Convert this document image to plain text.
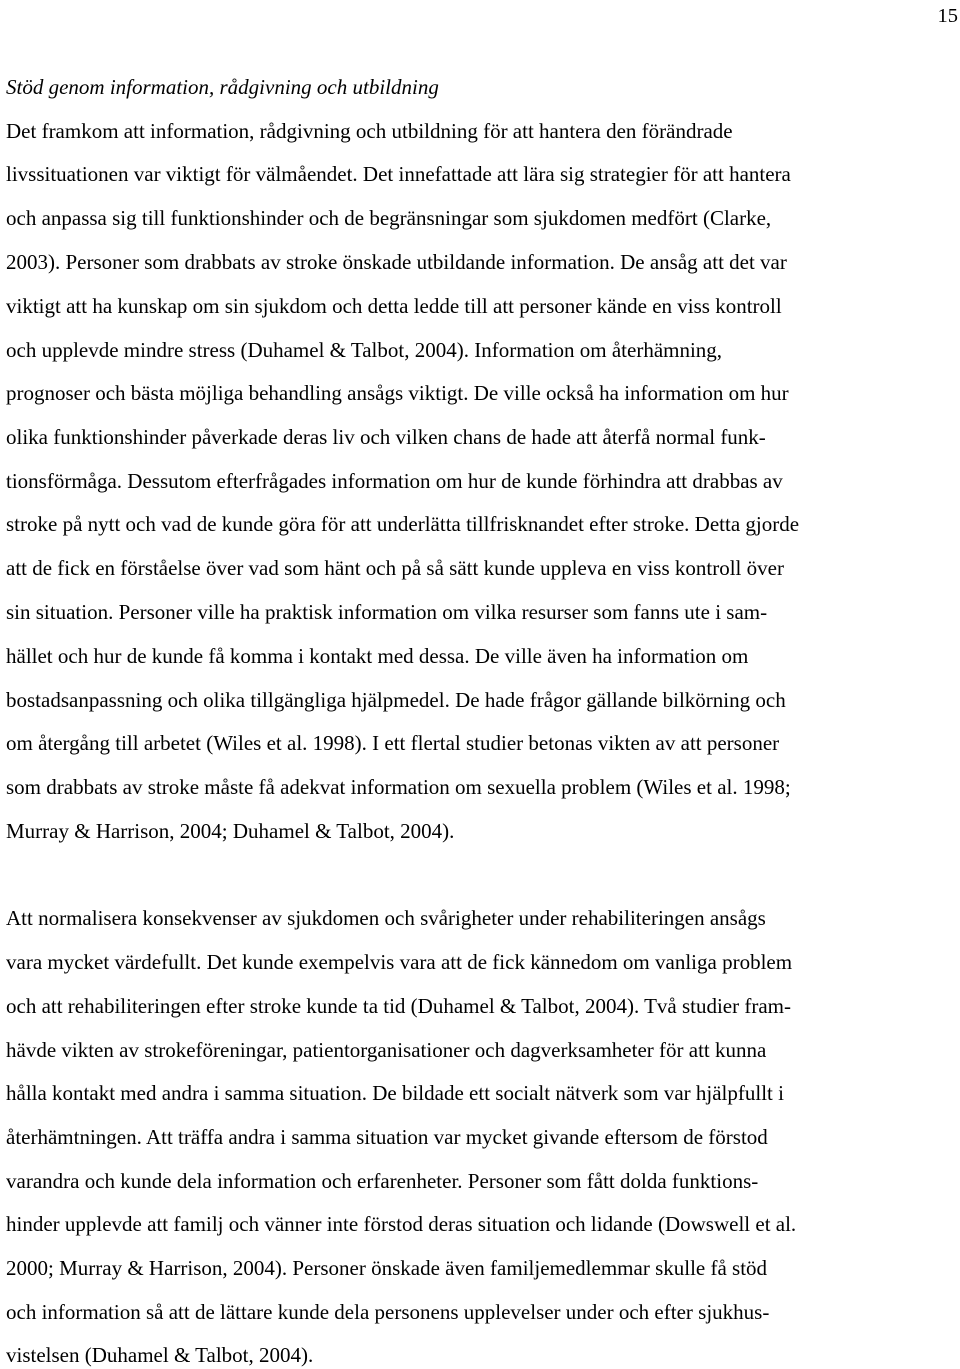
15
Stöd genom information, rådgivning och utbildning
Det framkom att information, rådgivning och utbildning för att hantera den förändrade
livssituationen var viktigt för välmåendet. Det innefattade att lära sig strategier för att hantera
och anpassa sig till funktionshinder och de begränsningar som sjukdomen medfört (Clarke,
2003). Personer som drabbats av stroke önskade utbildande information. De ansåg att det var
viktigt att ha kunskap om sin sjukdom och detta ledde till att personer kände en viss kontroll
och upplevde mindre stress (Duhamel & Talbot, 2004). Information om återhämning,
prognoser och bästa möjliga behandling ansågs viktigt. De ville också ha information om hur
olika funktionshinder påverkade deras liv och vilken chans de hade att återfå normal funk-
tionsförmåga. Dessutom efterfrågades information om hur de kunde förhindra att drabbas av
stroke på nytt och vad de kunde göra för att underlätta tillfrisknandet efter stroke. Detta gjorde
att de fick en förståelse över vad som hänt och på så sätt kunde uppleva en viss kontroll över
sin situation. Personer ville ha praktisk information om vilka resurser som fanns ute i sam-
hället och hur de kunde få komma i kontakt med dessa. De ville även ha information om
bostadsanpassning och olika tillgängliga hjälpmedel. De hade frågor gällande bilkörning och
om återgång till arbetet (Wiles et al. 1998). I ett flertal studier betonas vikten av att personer
som drabbats av stroke måste få adekvat information om sexuella problem (Wiles et al. 1998;
Murray & Harrison, 2004; Duhamel & Talbot, 2004).
Att normalisera konsekvenser av sjukdomen och svårigheter under rehabiliteringen ansågs
vara mycket värdefullt. Det kunde exempelvis vara att de fick kännedom om vanliga problem
och att rehabiliteringen efter stroke kunde ta tid (Duhamel & Talbot, 2004). Två studier fram-
hävde vikten av strokeföreningar, patientorganisationer och dagverksamheter för att kunna
hålla kontakt med andra i samma situation. De bildade ett socialt nätverk som var hjälpfullt i
återhämtningen. Att träffa andra i samma situation var mycket givande eftersom de förstod
varandra och kunde dela information och erfarenheter. Personer som fått dolda funktions-
hinder upplevde att familj och vänner inte förstod deras situation och lidande (Dowswell et al.
2000; Murray & Harrison, 2004). Personer önskade även familjemedlemmar skulle få stöd
och information så att de lättare kunde dela personens upplevelser under och efter sjukhus-
vistelsen (Duhamel & Talbot, 2004).
